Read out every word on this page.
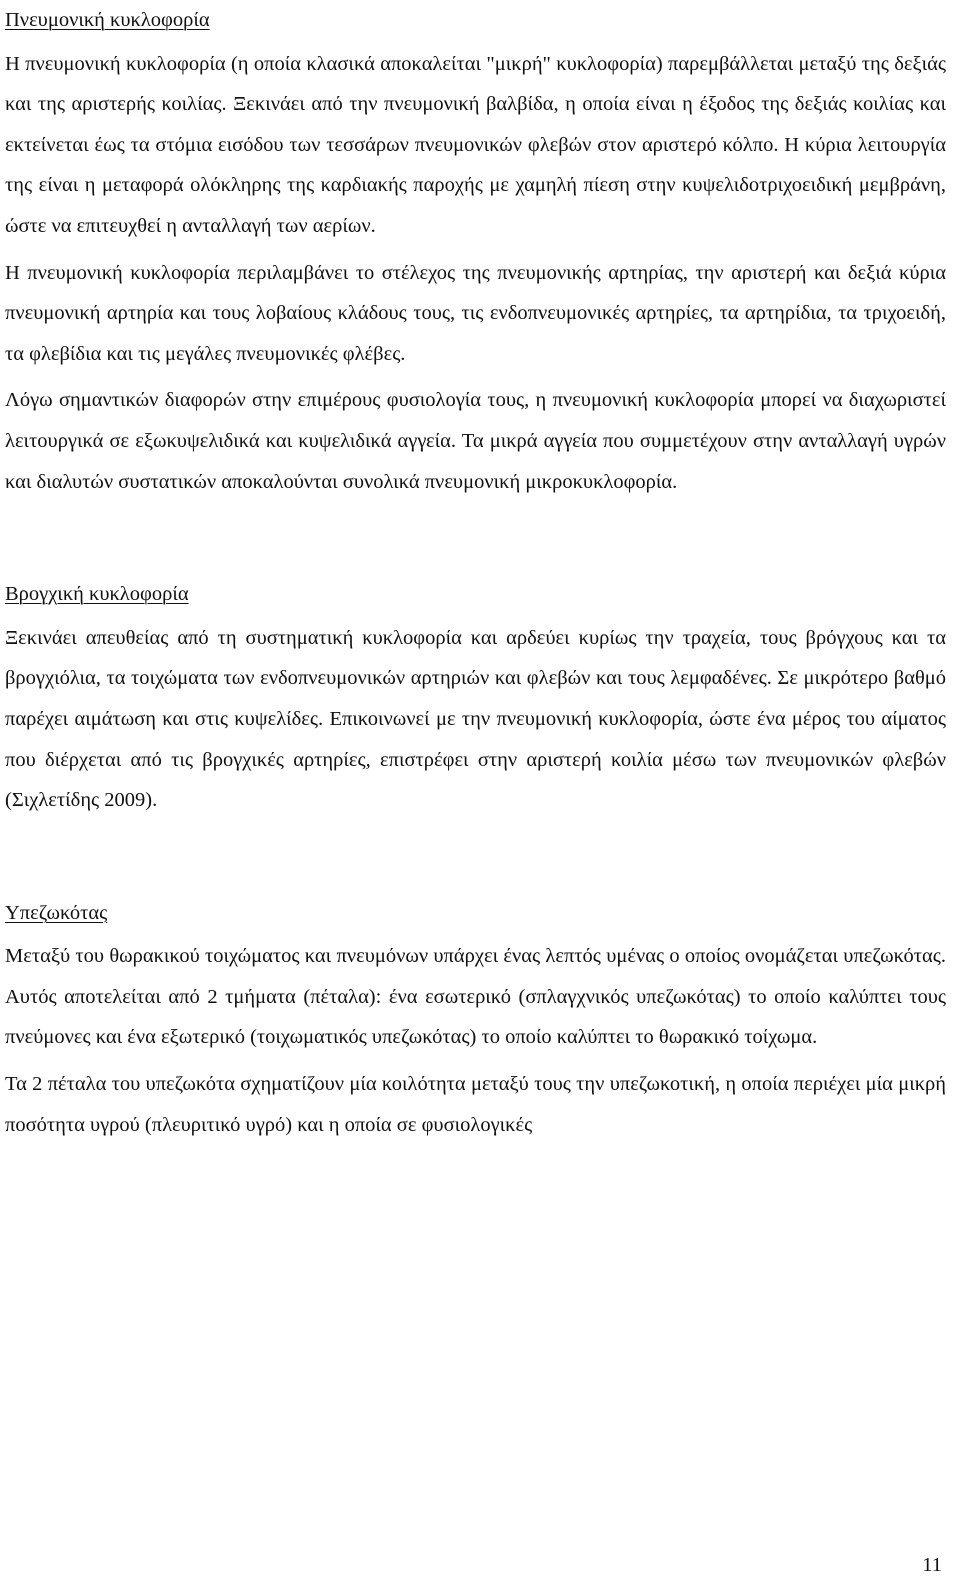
Πνευμονική κυκλοφορία

Η πνευμονική κυκλοφορία (η οποία κλασικά αποκαλείται "μικρή" κυκλοφορία) παρεμβάλλεται μεταξύ της δεξιάς και της αριστερής κοιλίας. Ξεκινάει από την πνευμονική βαλβίδα, η οποία είναι η έξοδος της δεξιάς κοιλίας και εκτείνεται έως τα στόμια εισόδου των τεσσάρων πνευμονικών φλεβών στον αριστερό κόλπο. Η κύρια λειτουργία της είναι η μεταφορά ολόκληρης της καρδιακής παροχής με χαμηλή πίεση στην κυψελιδοτριχοειδική μεμβράνη, ώστε να επιτευχθεί η ανταλλαγή των αερίων.

Η πνευμονική κυκλοφορία περιλαμβάνει το στέλεχος της πνευμονικής αρτηρίας, την αριστερή και δεξιά κύρια πνευμονική αρτηρία και τους λοβαίους κλάδους τους, τις ενδοπνευμονικές αρτηρίες, τα αρτηρίδια, τα τριχοειδή, τα φλεβίδια και τις μεγάλες πνευμονικές φλέβες.

Λόγω σημαντικών διαφορών στην επιμέρους φυσιολογία τους, η πνευμονική κυκλοφορία μπορεί να διαχωριστεί λειτουργικά σε εξωκυψελιδικά και κυψελιδικά αγγεία. Τα μικρά αγγεία που συμμετέχουν στην ανταλλαγή υγρών και διαλυτών συστατικών αποκαλούνται συνολικά πνευμονική μικροκυκλοφορία.

Βρογχική κυκλοφορία

Ξεκινάει απευθείας από τη συστηματική κυκλοφορία και αρδεύει κυρίως την τραχεία, τους βρόγχους και τα βρογχιόλια, τα τοιχώματα των ενδοπνευμονικών αρτηριών και φλεβών και τους λεμφαδένες. Σε μικρότερο βαθμό παρέχει αιμάτωση και στις κυψελίδες. Επικοινωνεί με την πνευμονική κυκλοφορία, ώστε ένα μέρος του αίματος που διέρχεται από τις βρογχικές αρτηρίες, επιστρέφει στην αριστερή κοιλία μέσω των πνευμονικών φλεβών (Σιχλετίδης 2009).

Υπεζωκότας

Μεταξύ του θωρακικού τοιχώματος και πνευμόνων υπάρχει ένας λεπτός υμένας ο οποίος ονομάζεται υπεζωκότας. Αυτός αποτελείται από 2 τμήματα (πέταλα): ένα εσωτερικό (σπλαγχνικός υπεζωκότας) το οποίο καλύπτει τους πνεύμονες και ένα εξωτερικό (τοιχωματικός υπεζωκότας) το οποίο καλύπτει το θωρακικό τοίχωμα.

Τα 2 πέταλα του υπεζωκότα σχηματίζουν μία κοιλότητα μεταξύ τους την υπεζωκοτική, η οποία περιέχει μία μικρή ποσότητα υγρού (πλευριτικό υγρό) και η οποία σε φυσιολογικές

11
